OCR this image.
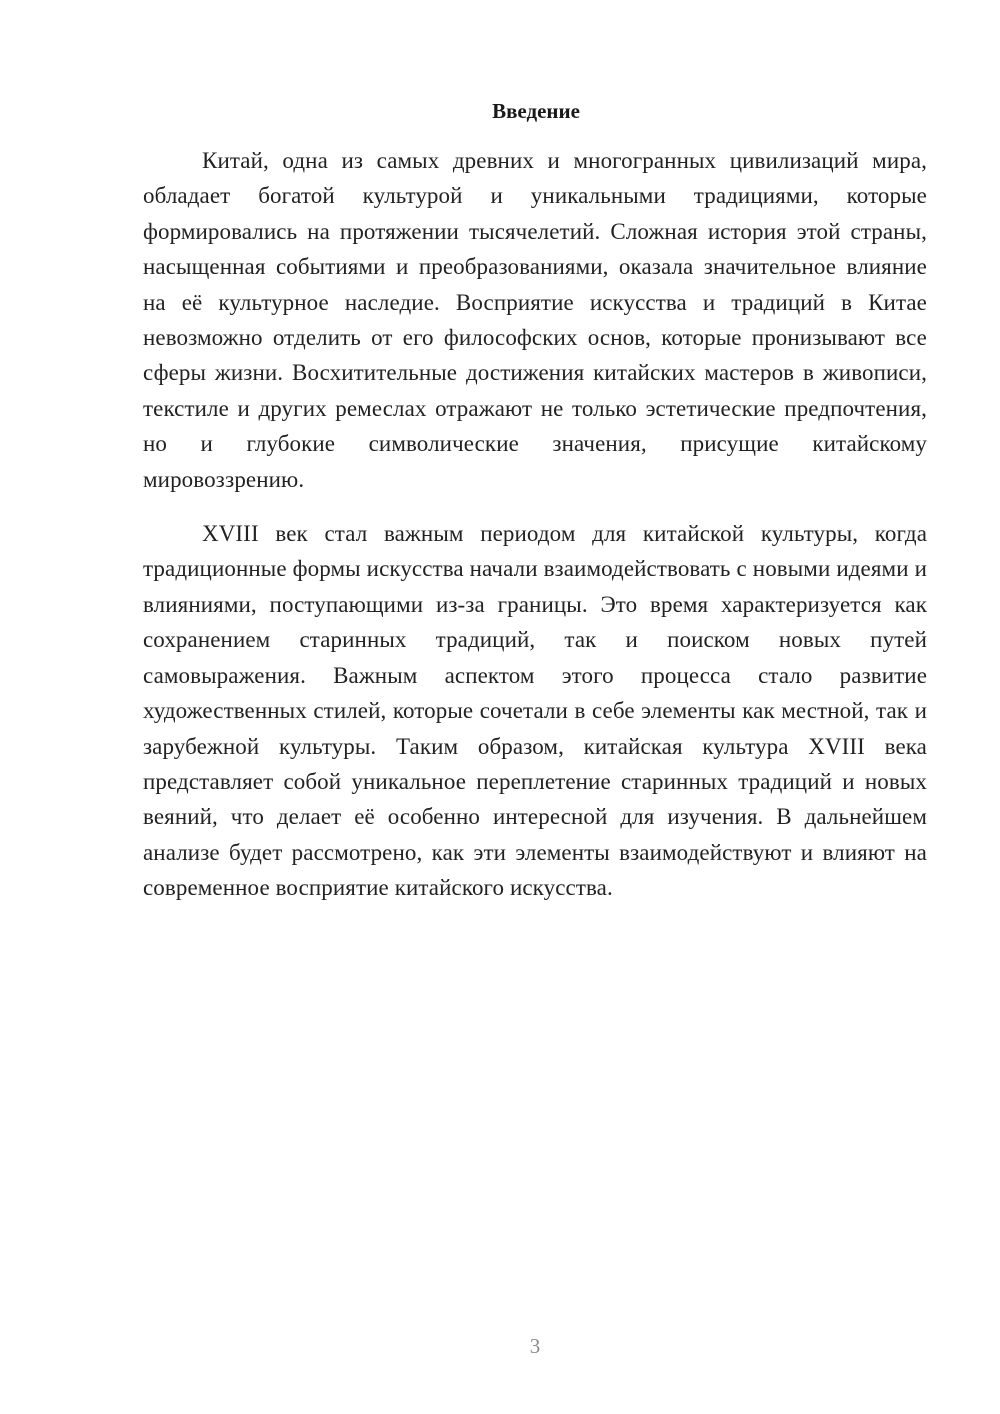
Введение

Китай, одна из самых древних и многогранных цивилизаций мира, обладает богатой культурой и уникальными традициями, которые формировались на протяжении тысячелетий. Сложная история этой страны, насыщенная событиями и преобразованиями, оказала значительное влияние на её культурное наследие. Восприятие искусства и традиций в Китае невозможно отделить от его философских основ, которые пронизывают все сферы жизни. Восхитительные достижения китайских мастеров в живописи, текстиле и других ремеслах отражают не только эстетические предпочтения, но и глубокие символические значения, присущие китайскому мировоззрению.

XVIII век стал важным периодом для китайской культуры, когда традиционные формы искусства начали взаимодействовать с новыми идеями и влияниями, поступающими из-за границы. Это время характеризуется как сохранением старинных традиций, так и поиском новых путей самовыражения. Важным аспектом этого процесса стало развитие художественных стилей, которые сочетали в себе элементы как местной, так и зарубежной культуры. Таким образом, китайская культура XVIII века представляет собой уникальное переплетение старинных традиций и новых веяний, что делает её особенно интересной для изучения. В дальнейшем анализе будет рассмотрено, как эти элементы взаимодействуют и влияют на современное восприятие китайского искусства.

3
